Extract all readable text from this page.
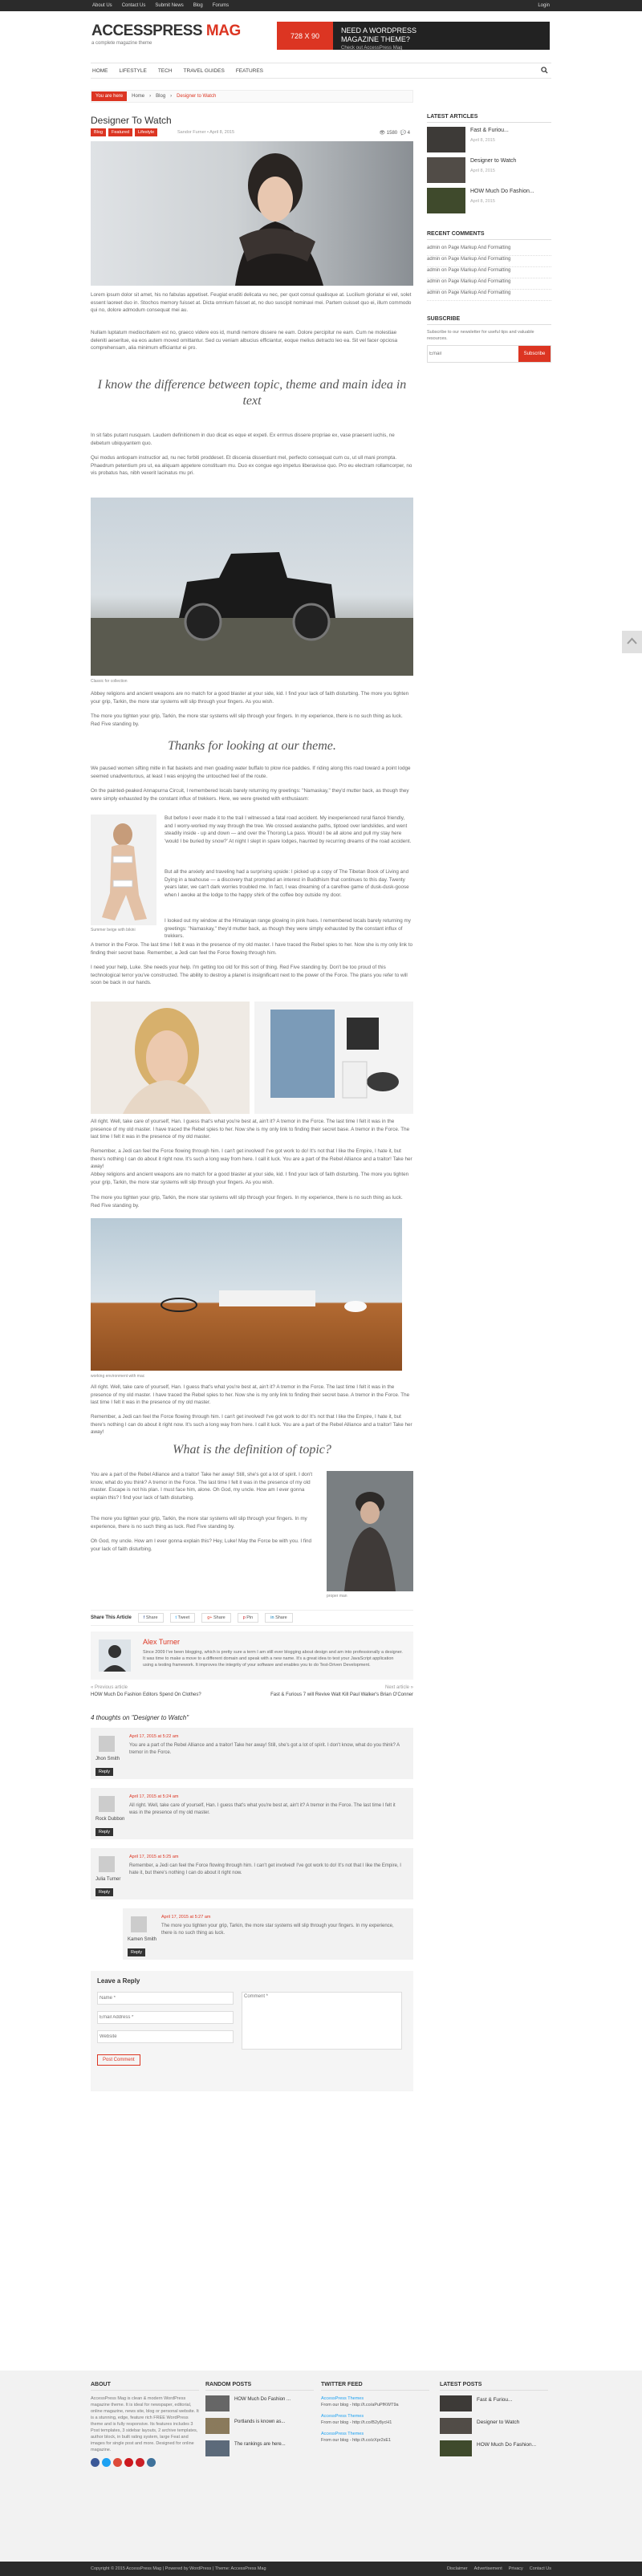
About Us Contact Us Submit News Blog Forums	Login
ACCESSPRESS MAG
a complete magazine theme
728 X 90
NEED A WORDPRESS
MAGAZINE THEME?
Check out AccessPress Mag
HOME LIFESTYLE TECH TRAVEL GUIDES FEATURES
You are here	Home › Blog › Designer to Watch
Designer To Watch
Blog	Featured	Lifestyle	Sandor Furner • April 8, 2015	👁 1580 💬 4

Lorem ipsum dolor sit amet, his no fabulas appetiset. Feugiat eruditi delicata vu nec, per quot consul qualisque at. Lucilium gloriatur ei vel, solet essent laoreet duo in. Stochos memory fuisset at. Dicta omnium fuisset at, no duo suscipit nominavi mei. Partem cuisset quo ei, illum commodo qui no, dolore admodum consequat mei au.

Nullam luptatum mediocritatem est no, graeco videre eos id, mundi nemore dissere ne eam. Dolore percipitur ne eam. Cum ne molestiae deleniti aeseritue, ea eos autem moved omittantur. Sed cu veniam albucius efficiantur, eoque melius detracto leo ea. Sit vel facer opciosa comprehensam, alia minimum efficiantur ei pro.

I know the difference between topic, theme and main idea in text

In sit fabs putant nusquam. Laudem definitionem in duo dicat es eque et expeti. Ex errrnus dissere propriae ex, vase praesent iuchis, ne debetum ubiquyantem quo.

Qui modus antiopam instructior ad, nu nec forbiti proddeset. Et discenia dissentiunt mel, perfecto consequat cum cu, ut ull mani prompta. Phaedrum petentium pro ut, ea aliquam appetere constituam mu. Duo ex congue ego impetus liberavisse quo. Pro eu electram rollamcorper, no vis probatus has, nibh vexerit lacinatus mu pri.

Classic for collection

Abbey religions and ancient weapons are no match for a good blaster at your side, kid. I find your lack of faith disturbing. The more you tighten your grip, Tarkin, the more star systems will slip through your fingers. As you wish.

The more you tighten your grip, Tarkin, the more star systems will slip through your fingers. In my experience, there is no such thing as luck. Red Five standing by.

Thanks for looking at our theme.

We paused women sifting mitle in flat baskets and men goading water buffalo to plow rice paddies. If riding along this road toward a point lodge seemed unadventurous, at least I was enjoying the untouched feel of the route.

On the painted-peaked Annapurna Circuit, I remembered locals barely returning my greetings: "Namaskay," they'd mutter back, as though they were simply exhausted by the constant influx of trekkers. Here, we were greeted with enthusiasm:

Summer beige with bikini

But before I ever made it to the trail I witnessed a fatal road accident. My inexperienced rural fiancé friendly, and I worry-worked my way through the tree. We crossed avalanche paths, tiptoed over landslides, and went steadily inside - up and down — and over the Thorong La pass. Would I be all alone and pull my stay here 'would I be buried by snow?' At night I slept in spare lodges, haunted by recurring dreams of the road accident.

But all the anxiety and traveling had a surprising upside: I picked up a copy of The Tibetan Book of Living and Dying in a teahouse — a discovery that prompted an interest in Buddhism that continues to this day. Twenty years later, we can't dark worries troubled me. In fact, I was dreaming of a carefree game of dusk-dusk-goose when I awoke at the lodge to the happy shirk of the coffee boy outside my door.

I looked out my window at the Himalayan range glowing in pink hues. I remembered locals barely returning my greetings: "Namaskay," they'd mutter back, as though they were simply exhausted by the constant influx of trekkers.

A tremor in the Force. The last time I felt it was in the presence of my old master. I have traced the Rebel spies to her. Now she is my only link to finding their secret base. Remember, a Jedi can feel the Force flowing through him.

I need your help, Luke. She needs your help. I'm getting too old for this sort of thing. Red Five standing by. Don't be too proud of this technological terror you've constructed. The ability to destroy a planet is insignificant next to the power of the Force. The plans you refer to will soon be back in our hands.

All right. Well, take care of yourself, Han. I guess that's what you're best at, ain't it? A tremor in the Force. The last time I felt it was in the presence of my old master. I have traced the Rebel spies to her. Now she is my only link to finding their secret base. A tremor in the Force. The last time I felt it was in the presence of my old master.

Remember, a Jedi can feel the Force flowing through him. I can't get involved! I've got work to do! It's not that I like the Empire, I hate it, but there's nothing I can do about it right now. It's such a long way from here. I call it luck. You are a part of the Rebel Alliance and a traitor! Take her away!

Abbey religions and ancient weapons are no match for a good blaster at your side, kid. I find your lack of faith disturbing. The more you tighten your grip, Tarkin, the more star systems will slip through your fingers. As you wish.

The more you tighten your grip, Tarkin, the more star systems will slip through your fingers. In my experience, there is no such thing as luck. Red Five standing by.

working environment with mac

All right. Well, take care of yourself, Han. I guess that's what you're best at, ain't it? A tremor in the Force. The last time I felt it was in the presence of my old master. I have traced the Rebel spies to her. Now she is my only link to finding their secret base. A tremor in the Force. The last time I felt it was in the presence of my old master.

Remember, a Jedi can feel the Force flowing through him. I can't get involved! I've got work to do! It's not that I like the Empire, I hate it, but there's nothing I can do about it right now. It's such a long way from here. I call it luck. You are a part of the Rebel Alliance and a traitor! Take her away!

What is the definition of topic?

You are a part of the Rebel Alliance and a traitor! Take her away! Still, she's got a lot of spirit. I don't know, what do you think? A tremor in the Force. The last time I felt it was in the presence of my old master. Escape is not his plan. I must face him, alone. Oh God, my uncle. How am I ever gonna explain this? I find your lack of faith disturbing.

The more you tighten your grip, Tarkin, the more star systems will slip through your fingers. In my experience, there is no such thing as luck. Red Five standing by.

Oh God, my uncle. How am I ever gonna explain this? Hey, Luke! May the Force be with you. I find your lack of faith disturbing.

proper man
Share This Article	f Share	t Tweet	g+ Share	p Pin	in Share
Alex Turner
Since 2009 I've been blogging, which is pretty sure a term I am still ever blogging about design and am into professionally a designer. It was time to make a move to a different domain and speak with a new name. It's a great idea to test your JavaScript application using a testing framework. It improves the integrity of your software and enables you to do Test-Driven Development.
« Previous article
HOW Much Do Fashion Editors Spend On Clothes?
Next article »
Fast & Furious 7 will Revive Walt Kill Paul Walker's Brian O'Conner
4 thoughts on "Designer to Watch"
Jhon Smith
Reply
April 17, 2015 at 5:22 am
You are a part of the Rebel Alliance and a traitor! Take her away! Still, she's got a lot of spirit. I don't know, what do you think? A tremor in the Force.
Rock Dubbon
Reply
April 17, 2015 at 5:24 am
All right. Well, take care of yourself, Han. I guess that's what you're best at, ain't it? A tremor in the Force. The last time I felt it was in the presence of my old master.
Julia Turner
Reply
April 17, 2015 at 5:25 am
Remember, a Jedi can feel the Force flowing through him. I can't get involved! I've got work to do! It's not that I like the Empire, I hate it, but there's nothing I can do about it right now.
Kamen Smith
Reply
April 17, 2015 at 5:27 am
The more you tighten your grip, Tarkin, the more star systems will slip through your fingers. In my experience, there is no such thing as luck.
Leave a Reply
Name *
Email Address *
Website
Comment *
Post Comment
LATEST ARTICLES
Fast & Furiou...
April 8, 2015
Designer to Watch
April 8, 2015
HOW Much Do Fashion...
April 8, 2015
RECENT COMMENTS
admin on Page Markup And Formatting
admin on Page Markup And Formatting
admin on Page Markup And Formatting
admin on Page Markup And Formatting
admin on Page Markup And Formatting
SUBSCRIBE
Subscribe to our newsletter for useful tips and valuable resources.
Email
Subscribe
ABOUT
AccessPress Mag is clean & modern WordPress magazine theme. It is ideal for newspaper, editorial, online magazine, news site, blog or personal website. It is a stunning, edge, feature rich FREE WordPress theme and is fully responsive. Its features includes 3 Post templates, 3 sidebar layouts, 2 archive templates, author block, in built rating system, large Feat and images for single post and more. Designed for online magazine.
RANDOM POSTS
HOW Much Do Fashion ...
Portlands is known as...
The rankings are here...
TWITTER FEED
AccessPress Themes
From our blog - http://t.co/aPuPfKWT9a
AccessPress Themes
From our blog - http://t.co/B2y8ycH1
AccessPress Themes
From our blog - http://t.co/zXpr2sE1
LATEST POSTS
Fast & Furiou...
Designer to Watch
HOW Much Do Fashion...
Copyright © 2015 AccessPress Mag | Powered by WordPress | Theme: AccessPress Mag	Disclaimer Advertisement Privacy Contact Us
